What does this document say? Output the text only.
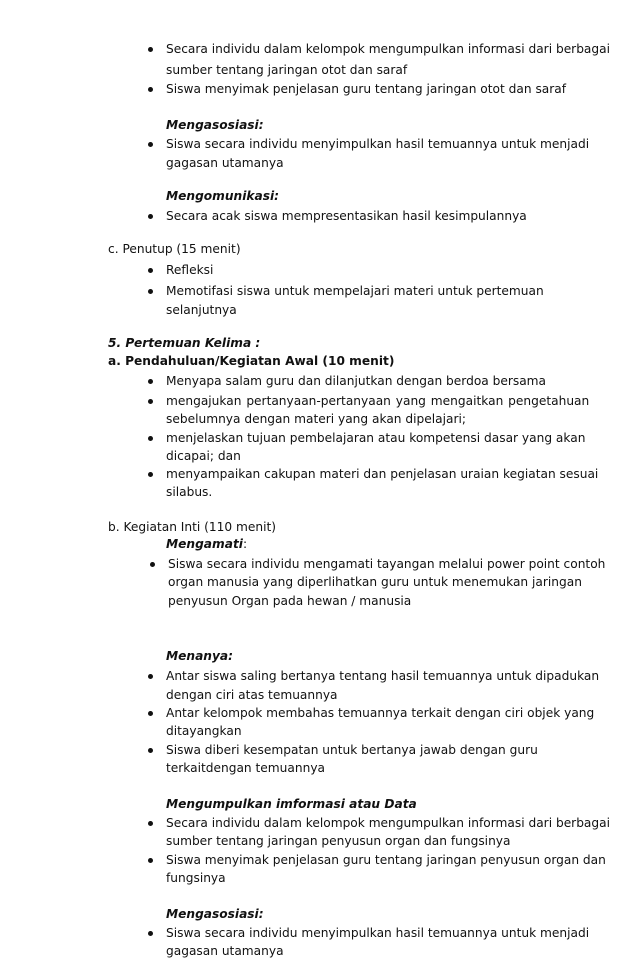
Secara individu dalam kelompok mengumpulkan informasi dari berbagai
sumber tentang jaringan otot dan saraf
Siswa menyimak penjelasan guru tentang jaringan otot dan saraf
Mengasosiasi:
Siswa secara individu menyimpulkan hasil temuannya untuk menjadi
gagasan utamanya
Mengomunikasi:
Secara acak siswa mempresentasikan hasil kesimpulannya
c. Penutup (15 menit)
Refleksi
Memotifasi siswa untuk mempelajari materi untuk pertemuan
selanjutnya
5. Pertemuan Kelima :
a. Pendahuluan/Kegiatan Awal (10 menit)
Menyapa salam guru dan dilanjutkan dengan berdoa bersama
mengajukan pertanyaan-pertanyaan yang mengaitkan pengetahuan
sebelumnya dengan materi yang akan dipelajari;
menjelaskan tujuan pembelajaran atau kompetensi dasar yang akan
dicapai; dan
menyampaikan cakupan materi dan penjelasan uraian kegiatan sesuai
silabus.
b. Kegiatan Inti (110 menit)
Mengamati:
Siswa secara individu mengamati tayangan melalui power point contoh
organ manusia yang diperlihatkan guru untuk menemukan jaringan
penyusun Organ pada hewan / manusia
Menanya:
Antar siswa saling bertanya tentang hasil temuannya untuk dipadukan
dengan ciri atas temuannya
Antar kelompok membahas temuannya terkait dengan ciri objek yang
ditayangkan
Siswa diberi kesempatan untuk bertanya jawab dengan guru
terkaitdengan temuannya
Mengumpulkan imformasi atau Data
Secara individu dalam kelompok mengumpulkan informasi dari berbagai
sumber tentang jaringan penyusun organ dan fungsinya
Siswa menyimak penjelasan guru tentang jaringan penyusun organ dan
fungsinya
Mengasosiasi:
Siswa secara individu menyimpulkan hasil temuannya untuk menjadi
gagasan utamanya
